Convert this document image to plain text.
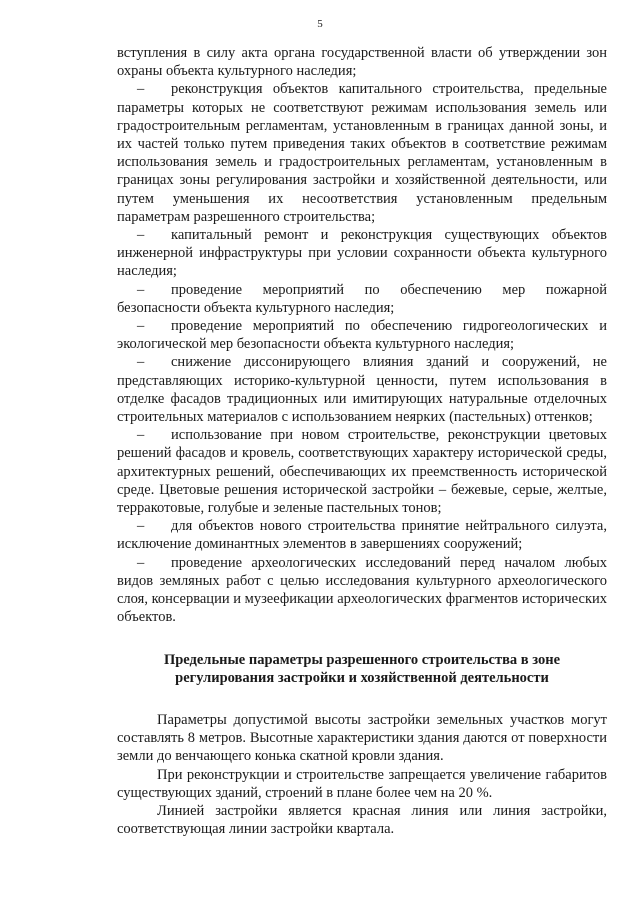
5

вступления в силу акта органа государственной власти об утверждении зон охраны объекта культурного наследия;

– реконструкция объектов капитального строительства, предельные параметры которых не соответствуют режимам использования земель или градостроительным регламентам, установленным в границах данной зоны, и их частей только путем приведения таких объектов в соответствие режимам использования земель и градостроительных регламентам, установленным в границах зоны регулирования застройки и хозяйственной деятельности, или путем уменьшения их несоответствия установленным предельным параметрам разрешенного строительства;

– капитальный ремонт и реконструкция существующих объектов инженерной инфраструктуры при условии сохранности объекта культурного наследия;

– проведение мероприятий по обеспечению мер пожарной безопасности объекта культурного наследия;

– проведение мероприятий по обеспечению гидрогеологических и экологической мер безопасности объекта культурного наследия;

– снижение диссонирующего влияния зданий и сооружений, не представляющих историко-культурной ценности, путем использования в отделке фасадов традиционных или имитирующих натуральные отделочных строительных материалов с использованием неярких (пастельных) оттенков;

– использование при новом строительстве, реконструкции цветовых решений фасадов и кровель, соответствующих характеру исторической среды, архитектурных решений, обеспечивающих их преемственность исторической среде. Цветовые решения исторической застройки – бежевые, серые, желтые, терракотовые, голубые и зеленые пастельных тонов;

– для объектов нового строительства принятие нейтрального силуэта, исключение доминантных элементов в завершениях сооружений;

– проведение археологических исследований перед началом любых видов земляных работ с целью исследования культурного археологического слоя, консервации и музеефикации археологических фрагментов исторических объектов.

Предельные параметры разрешенного строительства в зоне
регулирования застройки и хозяйственной деятельности

Параметры допустимой высоты застройки земельных участков могут составлять 8 метров. Высотные характеристики здания даются от поверхности земли до венчающего конька скатной кровли здания.

При реконструкции и строительстве запрещается увеличение габаритов существующих зданий, строений в плане более чем на 20 %.

Линией застройки является красная линия или линия застройки, соответствующая линии застройки квартала.
